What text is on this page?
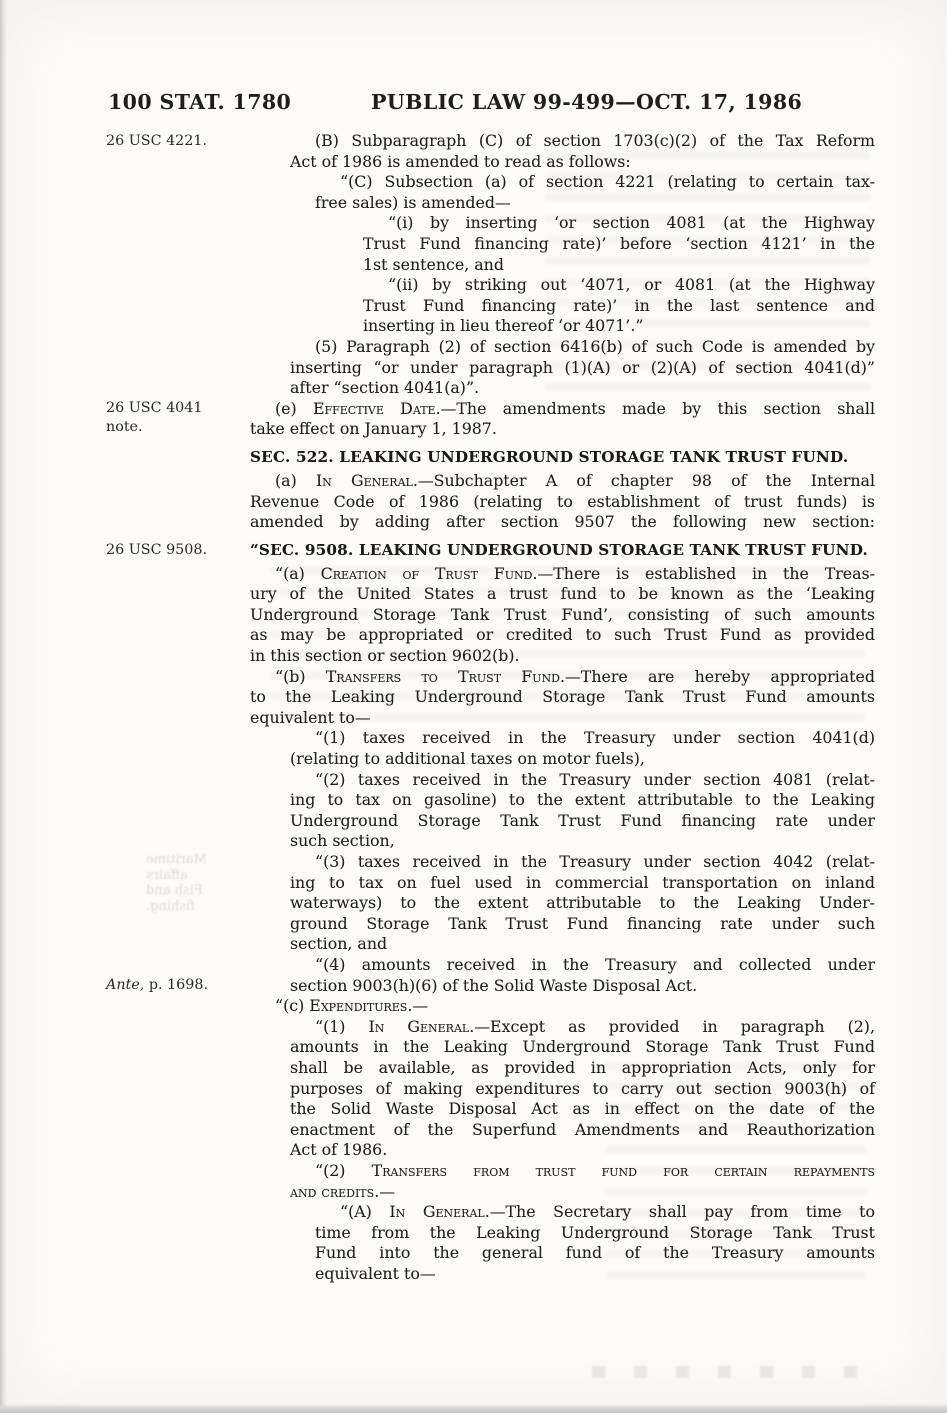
100 STAT. 1780	PUBLIC LAW 99-499—OCT. 17, 1986
26 USC 4221.
26 USC 4041
note.
26 USC 9508.
Ante, p. 1698.
Maritime
affairs
Fish and fishing.
(B) Subparagraph (C) of section 1703(c)(2) of the Tax Reform
Act of 1986 is amended to read as follows:
“(C) Subsection (a) of section 4221 (relating to certain tax-
free sales) is amended—
“(i) by inserting ‘or section 4081 (at the Highway
Trust Fund financing rate)’ before ‘section 4121’ in the
1st sentence, and
“(ii) by striking out ‘4071, or 4081 (at the Highway
Trust Fund financing rate)’ in the last sentence and
inserting in lieu thereof ‘or 4071’.”
(5) Paragraph (2) of section 6416(b) of such Code is amended by
inserting “or under paragraph (1)(A) or (2)(A) of section 4041(d)”
after “section 4041(a)”.
(e) Effective Date.—The amendments made by this section shall
take effect on January 1, 1987.
SEC. 522. LEAKING UNDERGROUND STORAGE TANK TRUST FUND.
(a) In General.—Subchapter A of chapter 98 of the Internal
Revenue Code of 1986 (relating to establishment of trust funds) is
amended by adding after section 9507 the following new section:
“SEC. 9508. LEAKING UNDERGROUND STORAGE TANK TRUST FUND.
“(a) Creation of Trust Fund.—There is established in the Treas-
ury of the United States a trust fund to be known as the ‘Leaking
Underground Storage Tank Trust Fund’, consisting of such amounts
as may be appropriated or credited to such Trust Fund as provided
in this section or section 9602(b).
“(b) Transfers to Trust Fund.—There are hereby appropriated
to the Leaking Underground Storage Tank Trust Fund amounts
equivalent to—
“(1) taxes received in the Treasury under section 4041(d)
(relating to additional taxes on motor fuels),
“(2) taxes received in the Treasury under section 4081 (relat-
ing to tax on gasoline) to the extent attributable to the Leaking
Underground Storage Tank Trust Fund financing rate under
such section,
“(3) taxes received in the Treasury under section 4042 (relat-
ing to tax on fuel used in commercial transportation on inland
waterways) to the extent attributable to the Leaking Under-
ground Storage Tank Trust Fund financing rate under such
section, and
“(4) amounts received in the Treasury and collected under
section 9003(h)(6) of the Solid Waste Disposal Act.
“(c) Expenditures.—
“(1) In General.—Except as provided in paragraph (2),
amounts in the Leaking Underground Storage Tank Trust Fund
shall be available, as provided in appropriation Acts, only for
purposes of making expenditures to carry out section 9003(h) of
the Solid Waste Disposal Act as in effect on the date of the
enactment of the Superfund Amendments and Reauthorization
Act of 1986.
“(2) Transfers from trust fund for certain repayments
and credits.—
“(A) In General.—The Secretary shall pay from time to
time from the Leaking Underground Storage Tank Trust
Fund into the general fund of the Treasury amounts
equivalent to—
